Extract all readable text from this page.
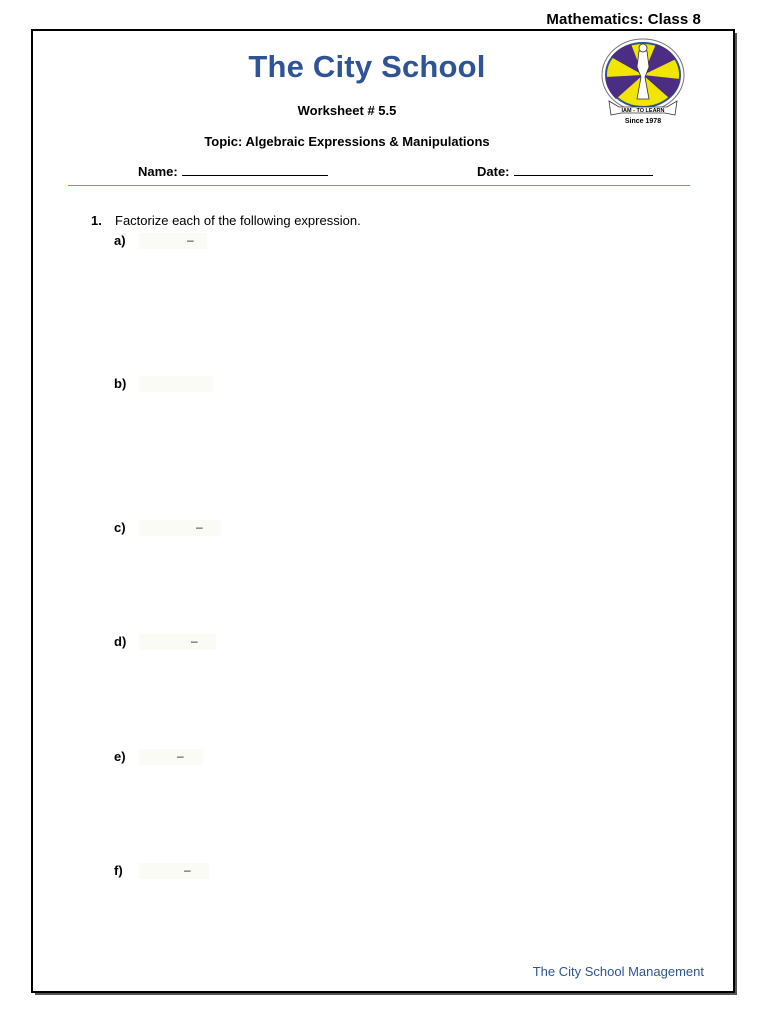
Mathematics: Class 8
The City School
IAM - TO LEARN
Since 1978
Worksheet # 5.5
Topic: Algebraic Expressions & Manipulations
Name:	Date:
1. Factorize each of the following expression.
a)	–
b)
c)	–
d)	–
e)	–
f)	–
The City School Management
